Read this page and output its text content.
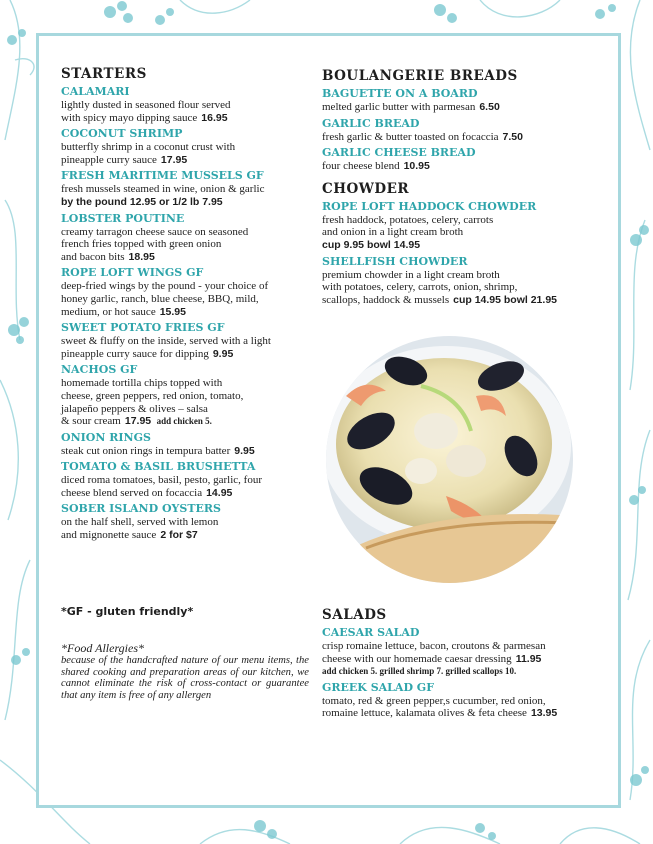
STARTERS
CALAMARI
lightly dusted in seasoned flour served
with spicy mayo dipping sauce 16.95
COCONUT SHRIMP
butterfly shrimp in a coconut crust with
pineapple curry sauce 17.95
FRESH MARITIME MUSSELS GF
fresh mussels steamed in wine, onion & garlic
by the pound 12.95 or 1/2 lb 7.95
LOBSTER POUTINE
creamy tarragon cheese sauce on seasoned
french fries topped with green onion
and bacon bits 18.95
ROPE LOFT WINGS GF
deep-fried wings by the pound - your choice of
honey garlic, ranch, blue cheese, BBQ, mild,
medium, or hot sauce 15.95
SWEET POTATO FRIES GF
sweet & fluffy on the inside, served with a light
pineapple curry sauce for dipping 9.95
NACHOS GF
homemade tortilla chips topped with
cheese, green peppers, red onion, tomato,
jalapeño peppers & olives – salsa
& sour cream 17.95 add chicken 5.
ONION RINGS
steak cut onion rings in tempura batter 9.95
TOMATO & BASIL BRUSHETTA
diced roma tomatoes, basil, pesto, garlic, four
cheese blend served on focaccia 14.95
SOBER ISLAND OYSTERS
on the half shell, served with lemon
and mignonette sauce 2 for $7
*GF - gluten friendly*
*Food Allergies*
because of the handcrafted nature of our menu items, the shared cooking and preparation areas of our kitchen, we cannot eliminate the risk of cross-contact or guarantee that any item is free of any allergen
BOULANGERIE BREADS
BAGUETTE ON A BOARD
melted garlic butter with parmesan 6.50
GARLIC BREAD
fresh garlic & butter toasted on focaccia 7.50
GARLIC CHEESE BREAD
four cheese blend 10.95
CHOWDER
ROPE LOFT HADDOCK CHOWDER
fresh haddock, potatoes, celery, carrots
and onion in a light cream broth
cup 9.95 bowl 14.95
SHELLFISH CHOWDER
premium chowder in a light cream broth
with potatoes, celery, carrots, onion, shrimp,
scallops, haddock & mussels cup 14.95 bowl 21.95
SALADS
CAESAR SALAD
crisp romaine lettuce, bacon, croutons & parmesan
cheese with our homemade caesar dressing 11.95
add chicken 5. grilled shrimp 7. grilled scallops 10.
GREEK SALAD GF
tomato, red & green pepper,s cucumber, red onion,
romaine lettuce, kalamata olives & feta cheese 13.95
